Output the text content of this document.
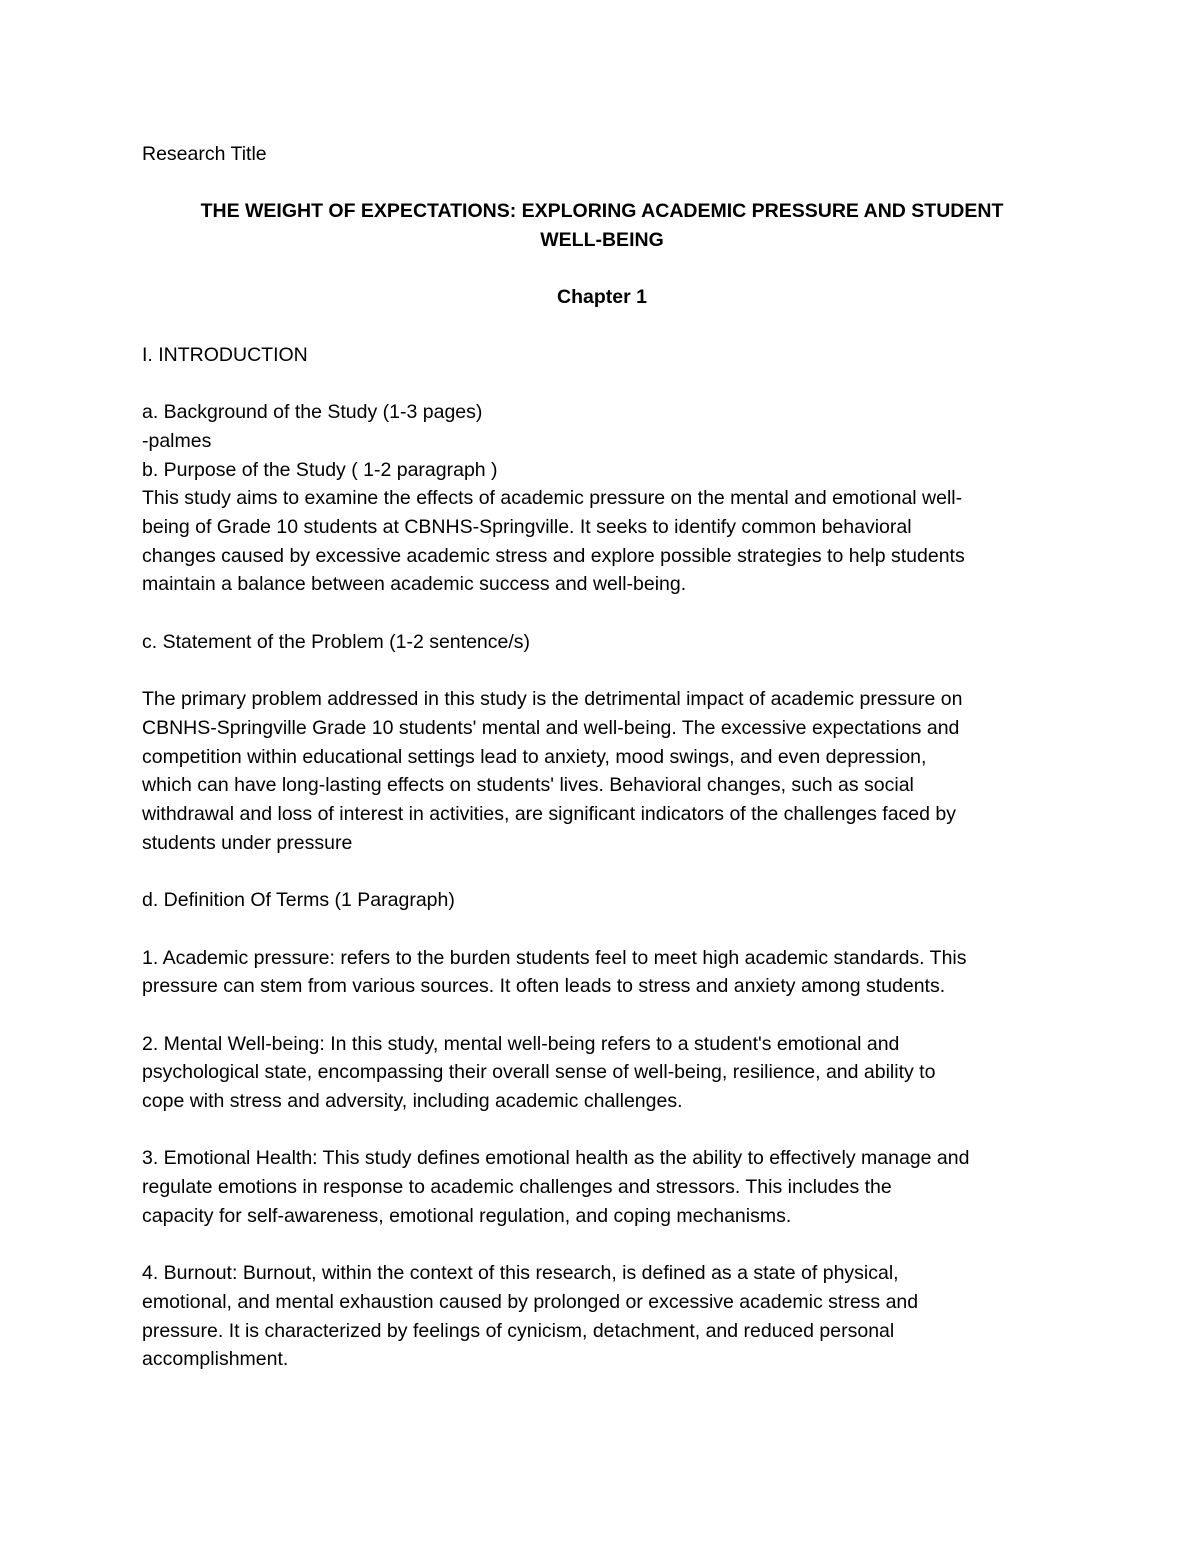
Research Title
THE WEIGHT OF EXPECTATIONS: EXPLORING ACADEMIC PRESSURE AND STUDENT
WELL-BEING
Chapter 1
I. INTRODUCTION
a. Background of the Study (1-3 pages)
-palmes
b. Purpose of the Study ( 1-2 paragraph )
This study aims to examine the effects of academic pressure on the mental and emotional well-
being of Grade 10 students at CBNHS-Springville. It seeks to identify common behavioral
changes caused by excessive academic stress and explore possible strategies to help students
maintain a balance between academic success and well-being.
c. Statement of the Problem (1-2 sentence/s)
The primary problem addressed in this study is the detrimental impact of academic pressure on
CBNHS-Springville Grade 10 students' mental and well-being. The excessive expectations and
competition within educational settings lead to anxiety, mood swings, and even depression,
which can have long-lasting effects on students' lives. Behavioral changes, such as social
withdrawal and loss of interest in activities, are significant indicators of the challenges faced by
students under pressure
d. Definition Of Terms (1 Paragraph)
1. Academic pressure: refers to the burden students feel to meet high academic standards. This
pressure can stem from various sources. It often leads to stress and anxiety among students.
2. Mental Well-being: In this study, mental well-being refers to a student's emotional and
psychological state, encompassing their overall sense of well-being, resilience, and ability to
cope with stress and adversity, including academic challenges.
3. Emotional Health: This study defines emotional health as the ability to effectively manage and
regulate emotions in response to academic challenges and stressors. This includes the
capacity for self-awareness, emotional regulation, and coping mechanisms.
4. Burnout: Burnout, within the context of this research, is defined as a state of physical,
emotional, and mental exhaustion caused by prolonged or excessive academic stress and
pressure. It is characterized by feelings of cynicism, detachment, and reduced personal
accomplishment.
